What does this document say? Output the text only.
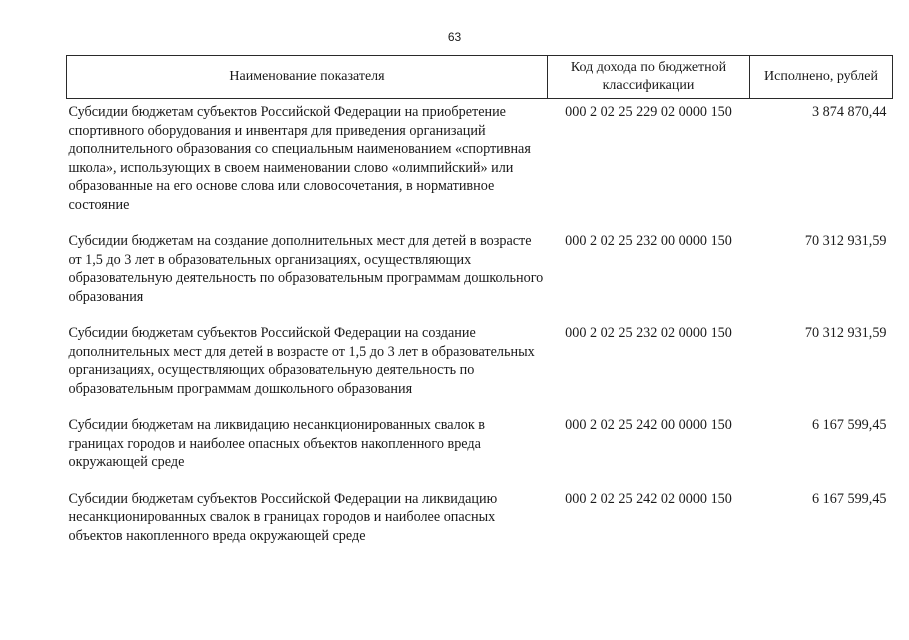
63
Наименование показателя	Код дохода по бюджетной классификации	Исполнено, рублей
Субсидии бюджетам субъектов Российской Федерации на приобретение спортивного оборудования и инвентаря для приведения организаций дополнительного образования со специальным наименованием «спортивная школа», использующих в своем наименовании слово «олимпийский» или образованные на его основе слова или словосочетания, в нормативное состояние	000 2 02 25 229 02 0000 150	3 874 870,44
Субсидии бюджетам на создание дополнительных мест для детей в возрасте от 1,5 до 3 лет в образовательных организациях, осуществляющих образовательную деятельность по образовательным программам дошкольного образования	000 2 02 25 232 00 0000 150	70 312 931,59
Субсидии бюджетам субъектов Российской Федерации на создание дополнительных мест для детей в возрасте от 1,5 до 3 лет в образовательных организациях, осуществляющих образовательную деятельность по образовательным программам дошкольного образования	000 2 02 25 232 02 0000 150	70 312 931,59
Субсидии бюджетам на ликвидацию несанкционированных свалок в границах городов и наиболее опасных объектов накопленного вреда окружающей среде	000 2 02 25 242 00 0000 150	6 167 599,45
Субсидии бюджетам субъектов Российской Федерации на ликвидацию несанкционированных свалок в границах городов и наиболее опасных объектов накопленного вреда окружающей среде	000 2 02 25 242 02 0000 150	6 167 599,45
